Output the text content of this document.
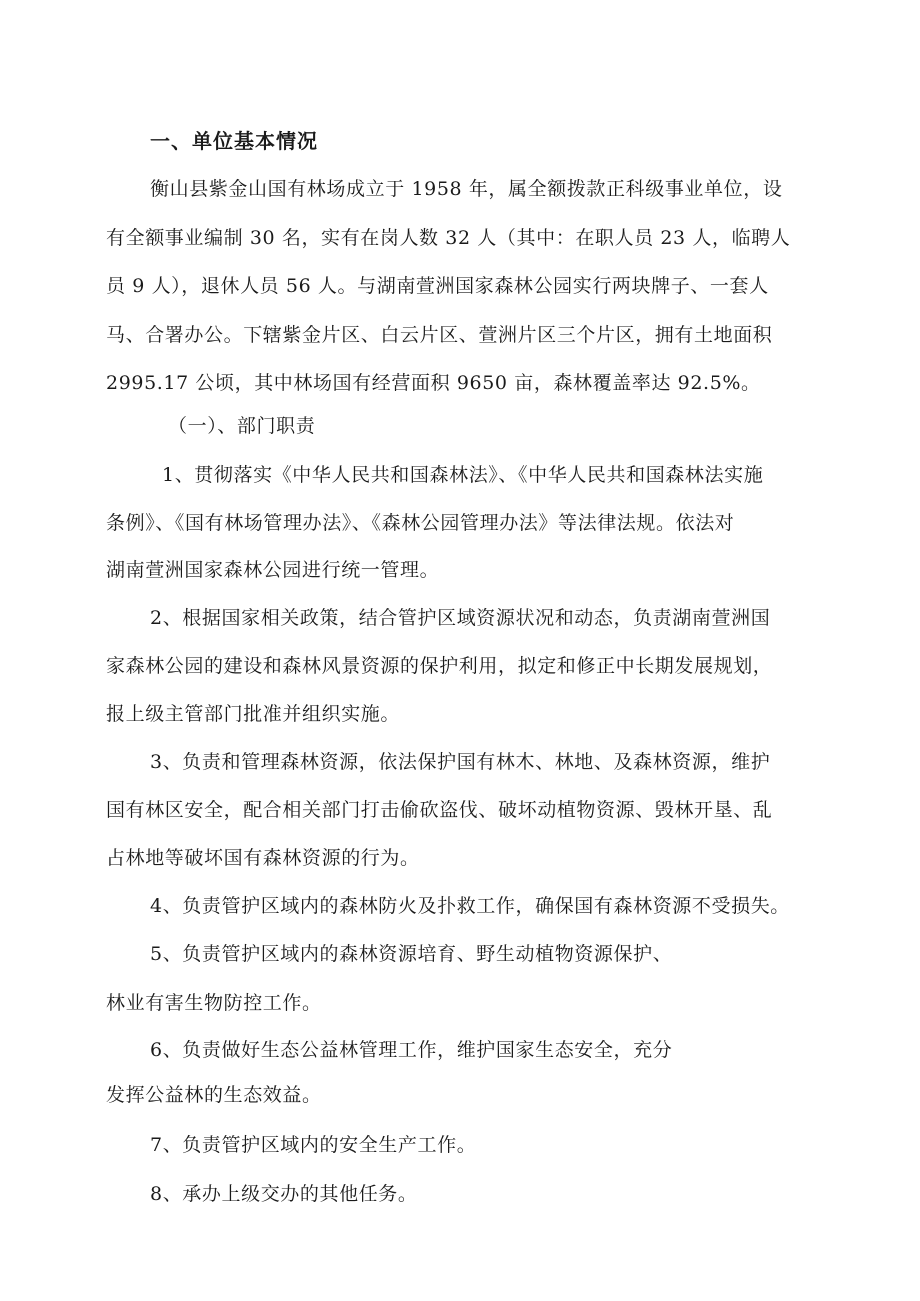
一、单位基本情况
衡山县紫金山国有林场成立于 1958 年，属全额拨款正科级事业单位，设
有全额事业编制 30 名，实有在岗人数 32 人（其中：在职人员 23 人，临聘人
员 9 人），退休人员 56 人。与湖南萱洲国家森林公园实行两块牌子、一套人
马、合署办公。下辖紫金片区、白云片区、萱洲片区三个片区，拥有土地面积
2995.17 公顷，其中林场国有经营面积 9650 亩，森林覆盖率达 92.5%。
（一）、部门职责
1、贯彻落实《中华人民共和国森林法》、《中华人民共和国森林法实施
条例》、《国有林场管理办法》、《森林公园管理办法》等法律法规。依法对
湖南萱洲国家森林公园进行统一管理。
2、根据国家相关政策，结合管护区域资源状况和动态，负责湖南萱洲国
家森林公园的建设和森林风景资源的保护利用，拟定和修正中长期发展规划，
报上级主管部门批准并组织实施。
3、负责和管理森林资源，依法保护国有林木、林地、及森林资源，维护
国有林区安全，配合相关部门打击偷砍盗伐、破坏动植物资源、毁林开垦、乱
占林地等破坏国有森林资源的行为。
4、负责管护区域内的森林防火及扑救工作，确保国有森林资源不受损失。
5、负责管护区域内的森林资源培育、野生动植物资源保护、
林业有害生物防控工作。
6、负责做好生态公益林管理工作，维护国家生态安全，充分
发挥公益林的生态效益。
7、负责管护区域内的安全生产工作。
8、承办上级交办的其他任务。
